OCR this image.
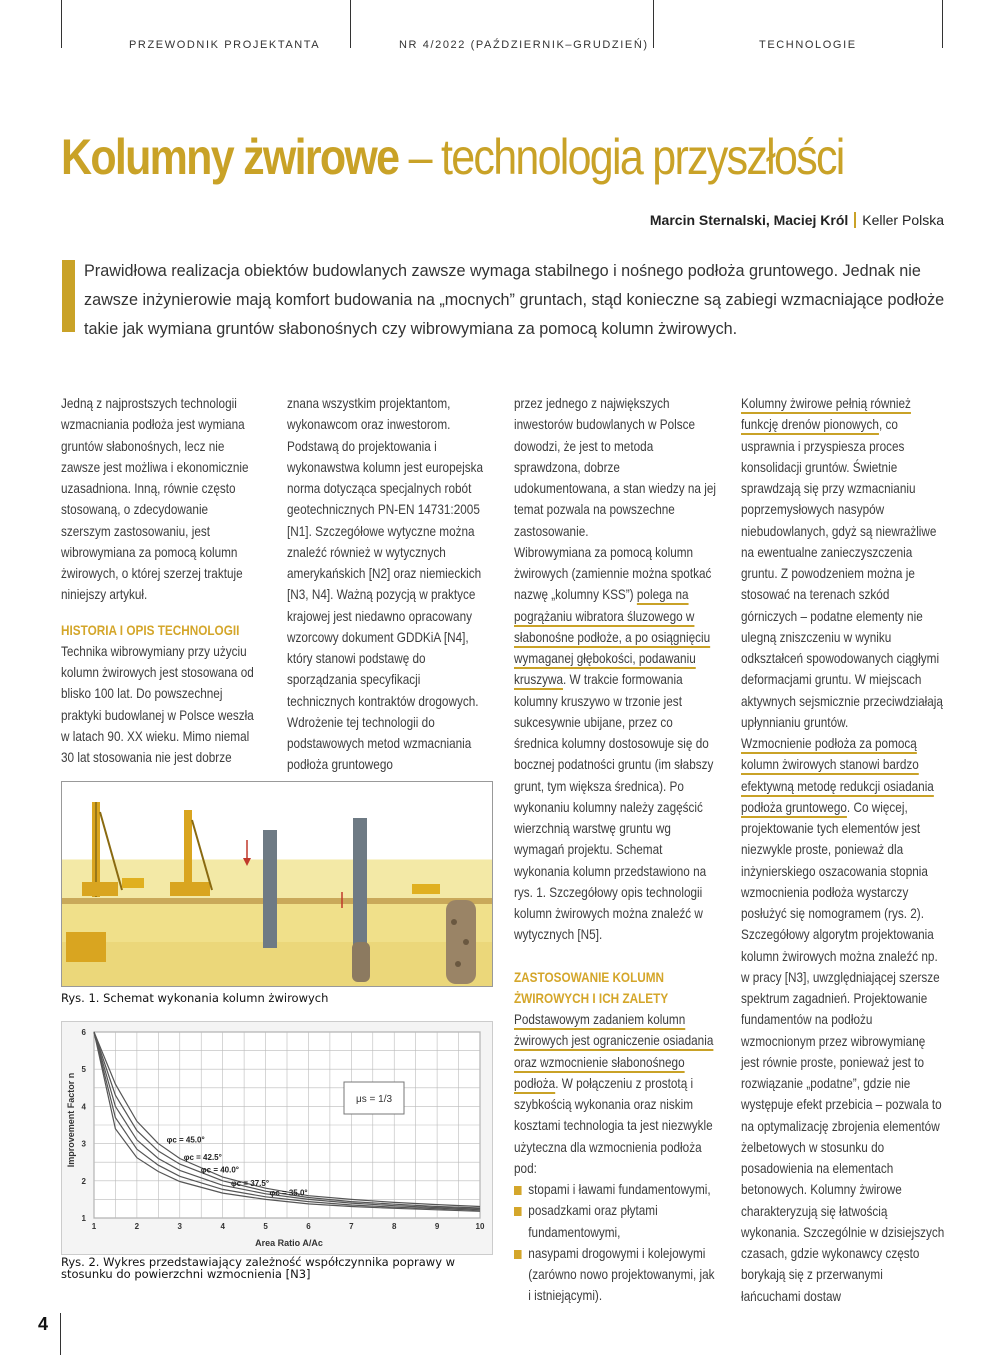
PRZEWODNIK PROJEKTANTA	NR 4/2022 (PAŹDZIERNIK–GRUDZIEŃ)	TECHNOLOGIE
Kolumny żwirowe – technologia przyszłości
Marcin Sternalski, Maciej Król Keller Polska
Prawidłowa realizacja obiektów budowlanych zawsze wymaga stabilnego i nośnego podłoża gruntowego. Jednak nie zawsze inżynierowie mają komfort budowania na „mocnych” gruntach, stąd konieczne są zabiegi wzmacniające podłoże takie jak wymiana gruntów słabonośnych czy wibrowymiana za pomocą kolumn żwirowych.

Jedną z najprostszych technologii wzmacniania podłoża jest wymiana gruntów słabonośnych, lecz nie zawsze jest możliwa i ekonomicznie uzasadniona. Inną, równie często stosowaną, o zdecydowanie szerszym zastosowaniu, jest wibrowymiana za pomocą kolumn żwirowych, o której szerzej traktuje niniejszy artykuł.

HISTORIA I OPIS TECHNOLOGII

Technika wibrowymiany przy użyciu kolumn żwirowych jest stosowana od blisko 100 lat. Do powszechnej praktyki budowlanej w Polsce weszła w latach 90. XX wieku. Mimo niemal 30 lat stosowania nie jest dobrze

znana wszystkim projektantom, wykonawcom oraz inwestorom. Podstawą do projektowania i wykonawstwa kolumn jest europejska norma dotycząca specjalnych robót geotechnicznych PN-EN 14731:2005 [N1]. Szczegółowe wytyczne można znaleźć również w wytycznych amerykańskich [N2] oraz niemieckich [N3, N4]. Ważną pozycją w praktyce krajowej jest niedawno opracowany wzorcowy dokument GDDKiA [N4], który stanowi podstawę do sporządzania specyfikacji technicznych kontraktów drogowych. Wdrożenie tej technologii do podstawowych metod wzmacniania podłoża gruntowego

przez jednego z największych inwestorów budowlanych w Polsce dowodzi, że jest to metoda sprawdzona, dobrze udokumentowana, a stan wiedzy na jej temat pozwala na powszechne zastosowanie.

Wibrowymiana za pomocą kolumn żwirowych (zamiennie można spotkać nazwę „kolumny KSS”) polega na pogrążaniu wibratora śluzowego w słabonośne podłoże, a po osiągnięciu wymaganej głębokości, podawaniu kruszywa. W trakcie formowania kolumny kruszywo w trzonie jest sukcesywnie ubijane, przez co średnica kolumny dostosowuje się do bocznej podatności gruntu (im słabszy grunt, tym większa średnica). Po wykonaniu kolumny należy zagęścić wierzchnią warstwę gruntu wg wymagań projektu. Schemat wykonania kolumn przedstawiono na rys. 1. Szczegółowy opis technologii kolumn żwirowych można znaleźć w wytycznych [N5].

ZASTOSOWANIE KOLUMN ŻWIROWYCH I ICH ZALETY

Podstawowym zadaniem kolumn żwirowych jest ograniczenie osiadania oraz wzmocnienie słabonośnego podłoża. W połączeniu z prostotą i szybkością wykonania oraz niskim kosztami technologia ta jest niezwykle użyteczna dla wzmocnienia podłoża pod:

stopami i ławami fundamentowymi,

posadzkami oraz płytami fundamentowymi,

nasypami drogowymi i kolejowymi (zarówno nowo projektowanymi, jak i istniejącymi).

Kolumny żwirowe pełnią również funkcję drenów pionowych, co usprawnia i przyspiesza proces konsolidacji gruntów. Świetnie sprawdzają się przy wzmacnianiu poprzemysłowych nasypów niebudowlanych, gdyż są niewrażliwe na ewentualne zanieczyszczenia gruntu. Z powodzeniem można je stosować na terenach szkód górniczych – podatne elementy nie ulegną zniszczeniu w wyniku odkształceń spowodowanych ciągłymi deformacjami gruntu. W miejscach aktywnych sejsmicznie przeciwdziałają upłynnianiu gruntów.

Wzmocnienie podłoża za pomocą kolumn żwirowych stanowi bardzo efektywną metodę redukcji osiadania podłoża gruntowego. Co więcej, projektowanie tych elementów jest niezwykle proste, ponieważ dla inżynierskiego oszacowania stopnia wzmocnienia podłoża wystarczy posłużyć się nomogramem (rys. 2). Szczegółowy algorytm projektowania kolumn żwirowych można znaleźć np. w pracy [N3], uwzględniającej szersze spektrum zagadnień. Projektowanie fundamentów na podłożu wzmocnionym przez wibrowymianę jest równie proste, ponieważ jest to rozwiązanie „podatne”, gdzie nie występuje efekt przebicia – pozwala to na optymalizację zbrojenia elementów żelbetowych w stosunku do posadowienia na elementach betonowych. Kolumny żwirowe charakteryzują się łatwością wykonania. Szczególnie w dzisiejszych czasach, gdzie wykonawcy często borykają się z przerwanymi łańcuchami dostaw

Rys. 1. Schemat wykonania kolumn żwirowych
1	2	3	4	5	6	7	8	9	10
1
2
3
4
5
6
φc = 45.0°
φc = 42.5°
φc = 40.0°
φc = 37.5°
φc = 35.0°
Area Ratio A/Ac
Improvement Factor n	μs = 1/3
Rys. 2. Wykres przedstawiający zależność współczynnika poprawy w stosunku do powierzchni wzmocnienia [N3]
4
